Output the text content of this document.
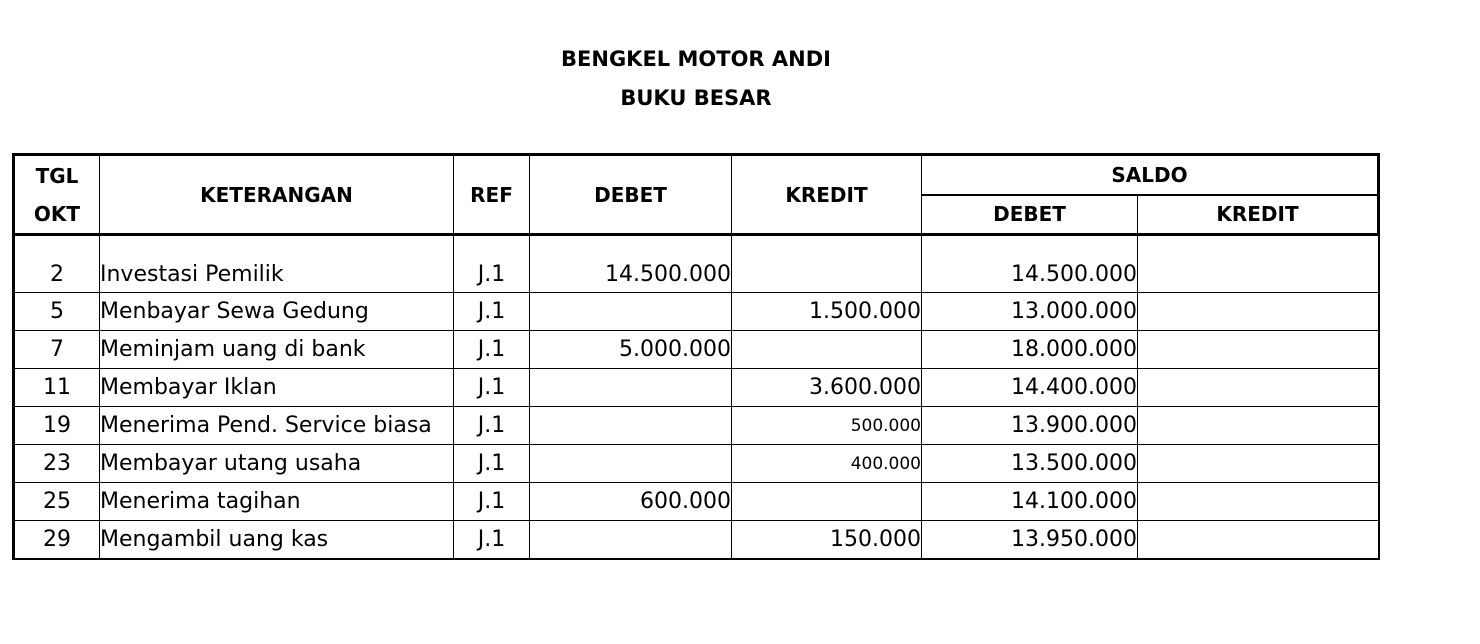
BENGKEL MOTOR ANDI
BUKU BESAR
TGL
OKT	KETERANGAN	REF	DEBET	KREDIT	SALDO	
					DEBET	KREDIT
2	Investasi Pemilik	J.1	14.500.000		14.500.000	
5	Menbayar Sewa Gedung	J.1		1.500.000	13.000.000	
7	Meminjam uang di bank	J.1	5.000.000		18.000.000	
11	Membayar Iklan	J.1		3.600.000	14.400.000	
19	Menerima Pend. Service biasa	J.1		500.000	13.900.000	
23	Membayar utang usaha	J.1		400.000	13.500.000	
25	Menerima tagihan	J.1	600.000		14.100.000	
29	Mengambil uang kas	J.1		150.000	13.950.000	
